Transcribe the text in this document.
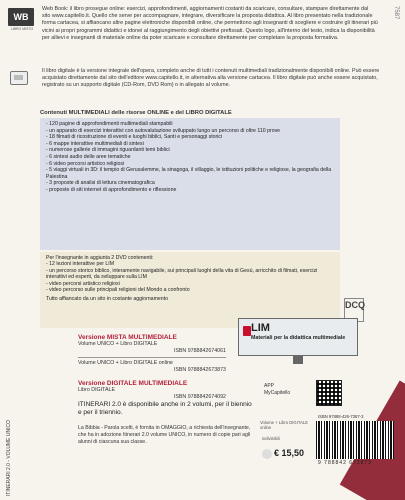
7587
WB
LIBRO MISTO
Web Book: il libro prosegue online: esercizi, approfondimenti, aggiornamenti costanti da scaricare, consultare, stampare direttamente dal sito www.capitello.it. Quello che serve per accompagnare, integrare, diversificare la proposta didattica. Al libro presentato nella tradizionale forma cartacea, si affiancano altre pagine elettroniche disponibili online, che permettono agli insegnanti di scegliere e costruire gli itinerari più vicini ai propri programmi didattici e idonei al raggiungimento degli obiettivi prefissati. Questo logo, all'interno del testo, indica la disponibilità per allievi e insegnanti di materiale online da poter scaricare e consultare direttamente per completare la proposta formativa.
Il libro digitale è la versione integrale dell'opera, completo anche di tutti i contenuti multimediali tradizionalmente disponibili online. Può essere acquistato direttamente dal sito dell'editore www.capitello.it, in alternativa alla versione cartacea. Il libro digitale può anche essere acquistato, registrato su un supporto digitale (CD-Rom, DVD Rom) o in allegato al volume.
Contenuti MULTIMEDIALI delle risorse ONLINE e del LIBRO DIGITALE
- 120 pagine di approfondimenti multimediali stampabili
- un apparato di esercizi interattivi con autovalutazione sviluppato lungo un percorso di oltre 110 prove
- 18 filmati di ricostruzione di eventi e luoghi biblici, Santi e personaggi storici
- 6 mappe interattive multimediali di sintesi
- numerose gallerie di immagini riguardanti temi biblici
- 6 sintesi audio delle aree tematiche
- 6 video percorsi artistico religiosi
- 5 viaggi virtuali in 3D: il tempio di Gerusalemme, la sinagoga, il villaggio, le istituzioni politiche e religiose, la geografia della Palestina
- 3 proposte di analisi di lettura cinematografica
- proposte di siti internet di approfondimento e riflessione
Per l'insegnante in aggiunta 2 DVD contenenti:
- 12 lezioni interattive per LIM
- un percorso storico biblico, interamente navigabile, sui principali luoghi della vita di Gesù, arricchito di filmati, esercizi interattivi ed esperti, da sviluppare sulla LIM
- video percorsi artistico religiosi
- video percorso sulle principali religioni del Mondo a confronto
Tutto affiancato da un sito in costante aggiornamento
DCQ
Versione MISTA MULTIMEDIALE
Volume UNICO + Libro DIGITALE
ISBN 9788842674061
Volume UNICO + Libro DIGITALE online
ISBN 9788842673873
Versione DIGITALE MULTIMEDIALE
Libro DIGITALE
ISBN 9788842674092
LIM
Materiali per la didattica multimediale
ITINERARI 2.0 è disponibile anche in 2 volumi, per il biennio e per il triennio.
La Bibbia - Parola scelti, è fornita in OMAGGIO, a richiesta dell'insegnante, che ha in adozione Itinerari 2.0 volume UNICO, in numero di copie pari agli alunni di ciascuna sua classe.
APP
MyCapitello
ISBN 97888-426-7387-3
Volume + Libro DIGITALE online
indivisibili
€ 15,50
9 788842 673873
ITINERARI 2.0 - VOLUME UNICO
